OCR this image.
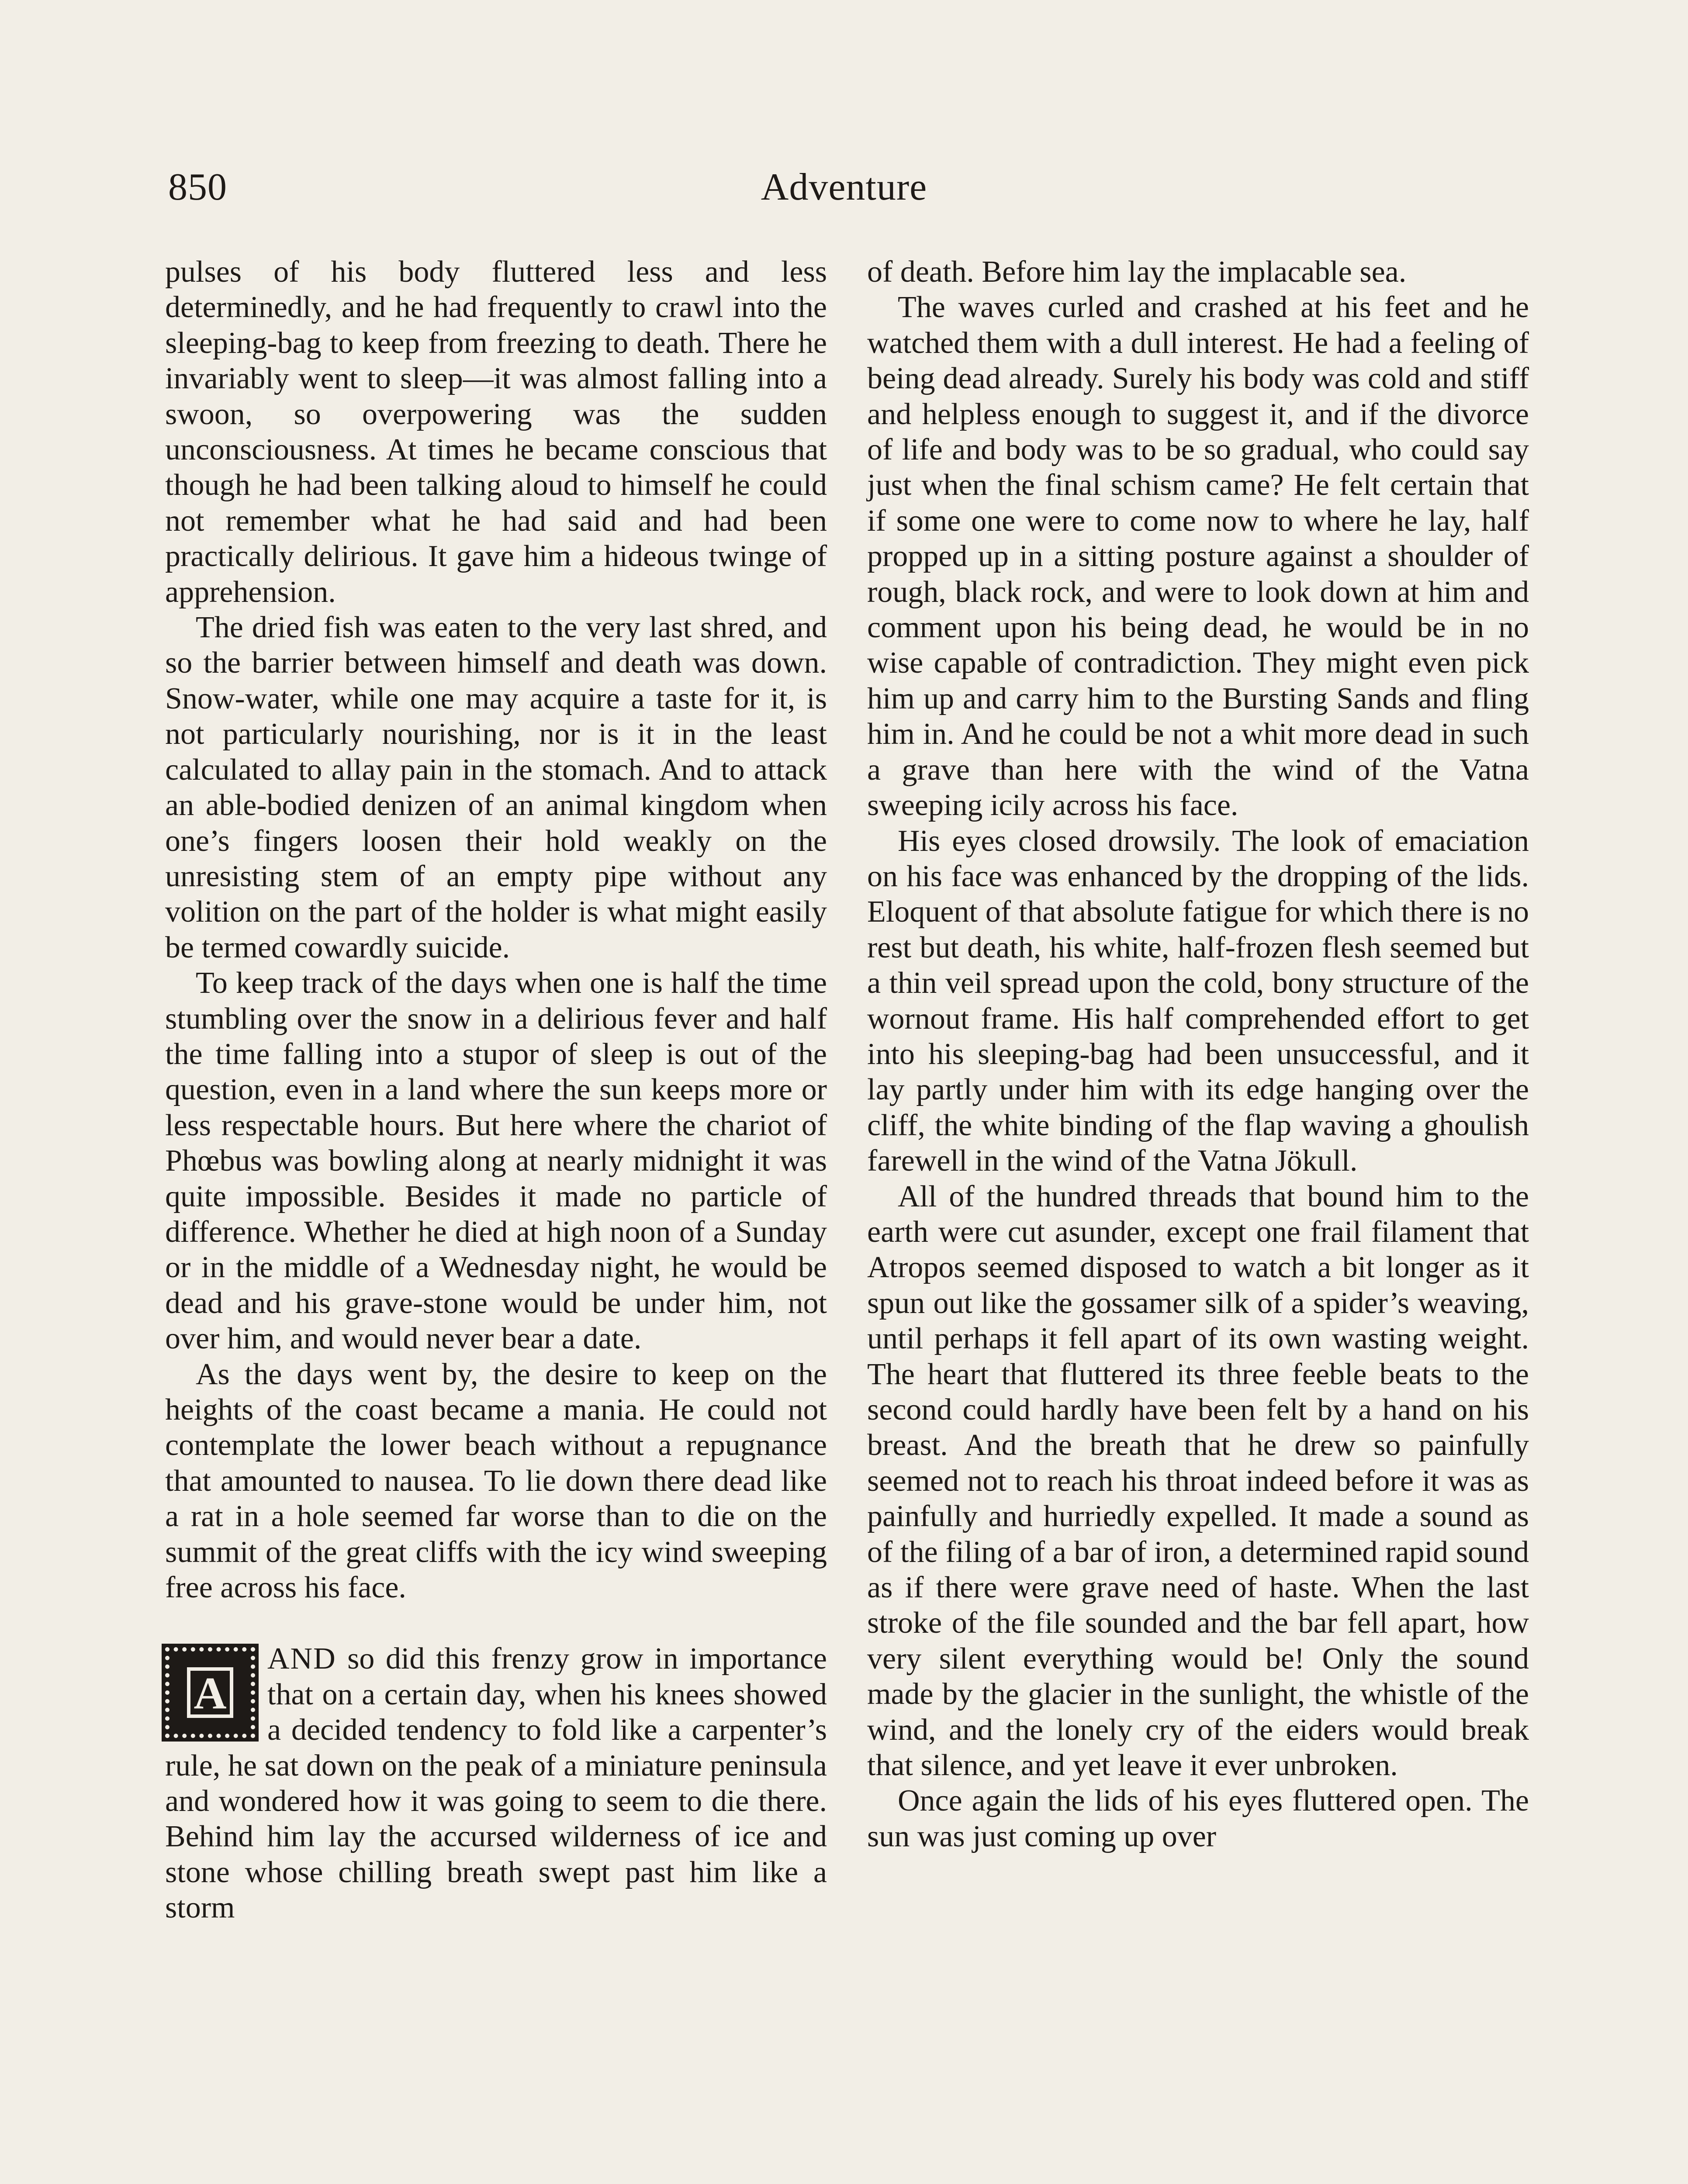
850	Adventure

pulses of his body fluttered less and less determinedly, and he had frequently to crawl into the sleeping-bag to keep from freezing to death. There he invariably went to sleep—it was almost falling into a swoon, so overpowering was the sudden unconsciousness. At times he became conscious that though he had been talking aloud to himself he could not remember what he had said and had been practically delirious. It gave him a hideous twinge of apprehension.

The dried fish was eaten to the very last shred, and so the barrier between himself and death was down. Snow-water, while one may acquire a taste for it, is not particularly nourishing, nor is it in the least calculated to allay pain in the stomach. And to attack an able-bodied denizen of an animal kingdom when one’s fingers loosen their hold weakly on the unresisting stem of an empty pipe without any volition on the part of the holder is what might easily be termed cowardly suicide.

To keep track of the days when one is half the time stumbling over the snow in a delirious fever and half the time falling into a stupor of sleep is out of the question, even in a land where the sun keeps more or less respectable hours. But here where the chariot of Phœbus was bowling along at nearly midnight it was quite impossible. Besides it made no particle of difference. Whether he died at high noon of a Sunday or in the middle of a Wednesday night, he would be dead and his grave-stone would be under him, not over him, and would never bear a date.

As the days went by, the desire to keep on the heights of the coast became a mania. He could not contemplate the lower beach without a repugnance that amounted to nausea. To lie down there dead like a rat in a hole seemed far worse than to die on the summit of the great cliffs with the icy wind sweeping free across his face.

A
AND so did this frenzy grow in importance that on a certain day, when his knees showed a decided tendency to fold like a carpenter’s rule, he sat down on the peak of a miniature peninsula and wondered how it was going to seem to die there. Behind him lay the accursed wilderness of ice and stone whose chilling breath swept past him like a storm

of death. Before him lay the implacable sea.

The waves curled and crashed at his feet and he watched them with a dull interest. He had a feeling of being dead already. Surely his body was cold and stiff and helpless enough to suggest it, and if the divorce of life and body was to be so gradual, who could say just when the final schism came? He felt certain that if some one were to come now to where he lay, half propped up in a sitting posture against a shoulder of rough, black rock, and were to look down at him and comment upon his being dead, he would be in no wise capable of contradiction. They might even pick him up and carry him to the Bursting Sands and fling him in. And he could be not a whit more dead in such a grave than here with the wind of the Vatna sweeping icily across his face.

His eyes closed drowsily. The look of emaciation on his face was enhanced by the dropping of the lids. Eloquent of that absolute fatigue for which there is no rest but death, his white, half-frozen flesh seemed but a thin veil spread upon the cold, bony structure of the wornout frame. His half comprehended effort to get into his sleeping-bag had been unsuccessful, and it lay partly under him with its edge hanging over the cliff, the white binding of the flap waving a ghoulish farewell in the wind of the Vatna Jökull.

All of the hundred threads that bound him to the earth were cut asunder, except one frail filament that Atropos seemed disposed to watch a bit longer as it spun out like the gossamer silk of a spider’s weaving, until perhaps it fell apart of its own wasting weight. The heart that fluttered its three feeble beats to the second could hardly have been felt by a hand on his breast. And the breath that he drew so painfully seemed not to reach his throat indeed before it was as painfully and hurriedly expelled. It made a sound as of the filing of a bar of iron, a determined rapid sound as if there were grave need of haste. When the last stroke of the file sounded and the bar fell apart, how very silent everything would be! Only the sound made by the glacier in the sunlight, the whistle of the wind, and the lonely cry of the eiders would break that silence, and yet leave it ever unbroken.

Once again the lids of his eyes fluttered open. The sun was just coming up over
